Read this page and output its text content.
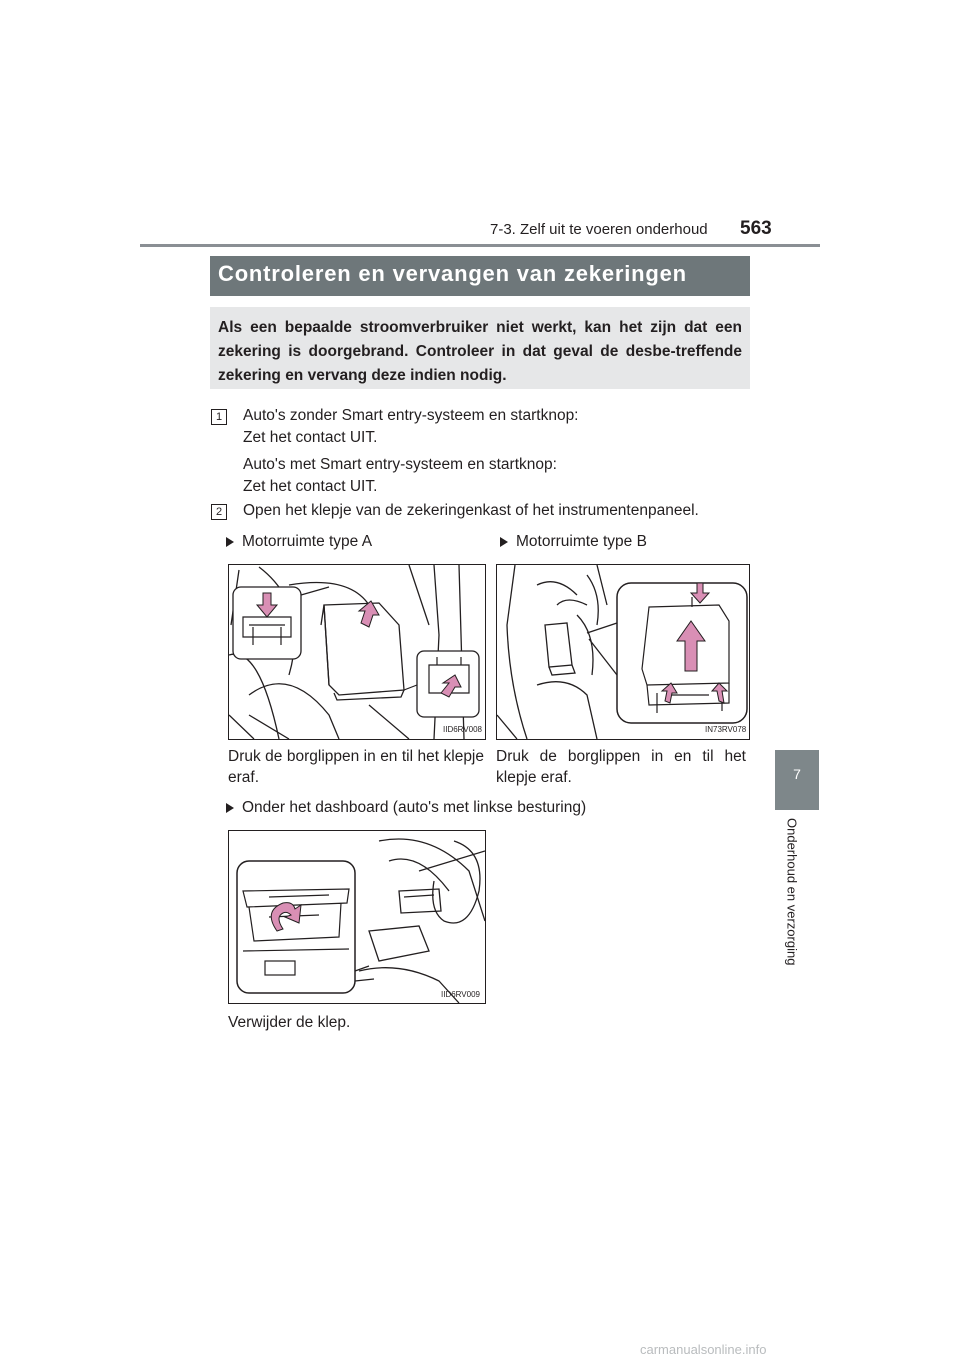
7-3. Zelf uit te voeren onderhoud 563
7
Onderhoud en verzorging
Controleren en vervangen van zekeringen

Als een bepaalde stroomverbruiker niet werkt, kan het zijn dat een zekering is doorgebrand. Controleer in dat geval de desbe-treffende zekering en vervang deze indien nodig.

1	Auto's zonder Smart entry-systeem en startknop:
Zet het contact UIT.
Auto's met Smart entry-systeem en startknop:
Zet het contact UIT.
2	Open het klepje van de zekeringenkast of het instrumentenpaneel.
Motorruimte type A	Motorruimte type B
IID6RV008	IN73RV078
Druk de borglippen in en til het klepje eraf.
Druk de borglippen in en til het klepje eraf.
Onder het dashboard (auto's met linkse besturing)
IID6RV009
Verwijder de klep.
carmanualsonline.info
